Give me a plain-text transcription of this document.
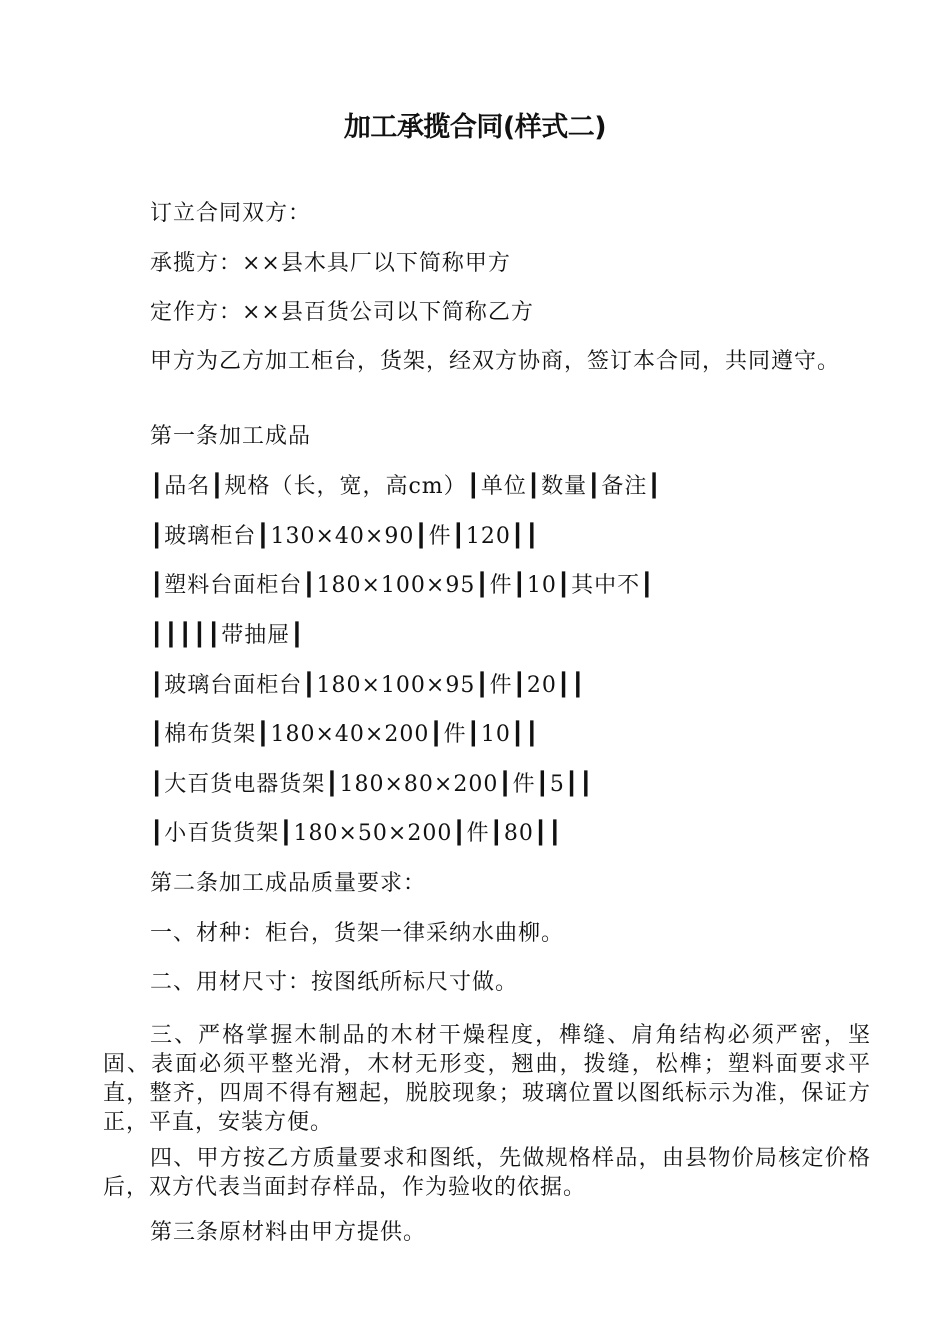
加工承揽合同(样式二)

订立合同双方：

承揽方：××县木具厂以下简称甲方

定作方：××县百货公司以下简称乙方

甲方为乙方加工柜台，货架，经双方协商，签订本合同，共同遵守。

第一条加工成品

┃品名┃规格（长，宽，高cm）┃单位┃数量┃备注┃

┃玻璃柜台┃130×40×90┃件┃120┃┃

┃塑料台面柜台┃180×100×95┃件┃10┃其中不┃

┃┃┃┃┃带抽屉┃

┃玻璃台面柜台┃180×100×95┃件┃20┃┃

┃棉布货架┃180×40×200┃件┃10┃┃

┃大百货电器货架┃180×80×200┃件┃5┃┃

┃小百货货架┃180×50×200┃件┃80┃┃

第二条加工成品质量要求：

一、材种：柜台，货架一律采纳水曲柳。

二、用材尺寸：按图纸所标尺寸做。

三、严格掌握木制品的木材干燥程度，榫缝、肩角结构必须严密，坚固、表面必须平整光滑，木材无形变，翘曲，拨缝，松榫；塑料面要求平直，整齐，四周不得有翘起，脱胶现象；玻璃位置以图纸标示为准，保证方正，平直，安装方便。

四、甲方按乙方质量要求和图纸，先做规格样品，由县物价局核定价格后，双方代表当面封存样品，作为验收的依据。

第三条原材料由甲方提供。
